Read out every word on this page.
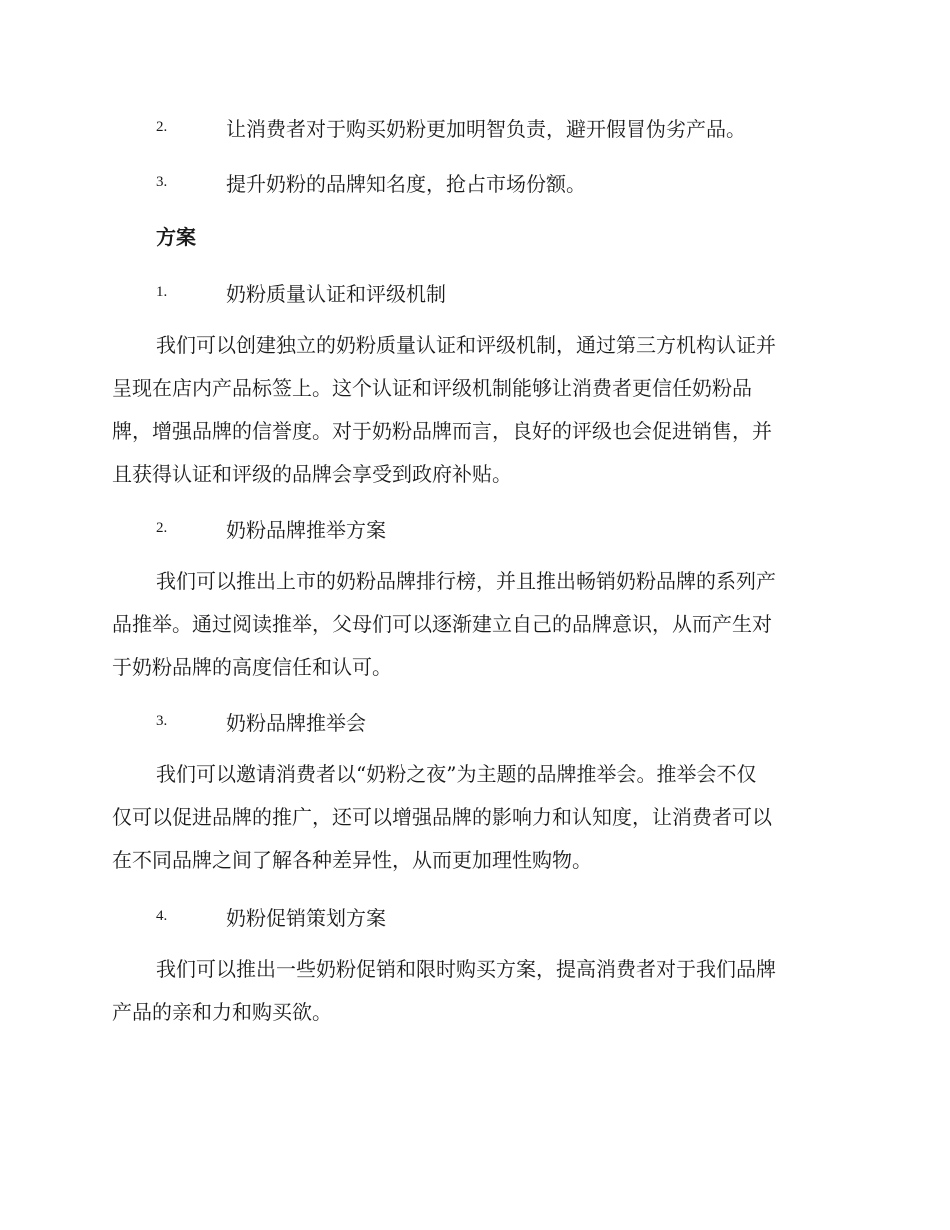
2.	让消费者对于购买奶粉更加明智负责，避开假冒伪劣产品。
3.	提升奶粉的品牌知名度，抢占市场份额。
方案
1.	奶粉质量认证和评级机制
我们可以创建独立的奶粉质量认证和评级机制，通过第三方机构认证并
呈现在店内产品标签上。这个认证和评级机制能够让消费者更信任奶粉品
牌，增强品牌的信誉度。对于奶粉品牌而言，良好的评级也会促进销售，并
且获得认证和评级的品牌会享受到政府补贴。
2.	奶粉品牌推举方案
我们可以推出上市的奶粉品牌排行榜，并且推出畅销奶粉品牌的系列产
品推举。通过阅读推举，父母们可以逐渐建立自己的品牌意识，从而产生对
于奶粉品牌的高度信任和认可。
3.	奶粉品牌推举会
我们可以邀请消费者以“奶粉之夜”为主题的品牌推举会。推举会不仅
仅可以促进品牌的推广，还可以增强品牌的影响力和认知度，让消费者可以
在不同品牌之间了解各种差异性，从而更加理性购物。
4.	奶粉促销策划方案
我们可以推出一些奶粉促销和限时购买方案，提高消费者对于我们品牌
产品的亲和力和购买欲。
